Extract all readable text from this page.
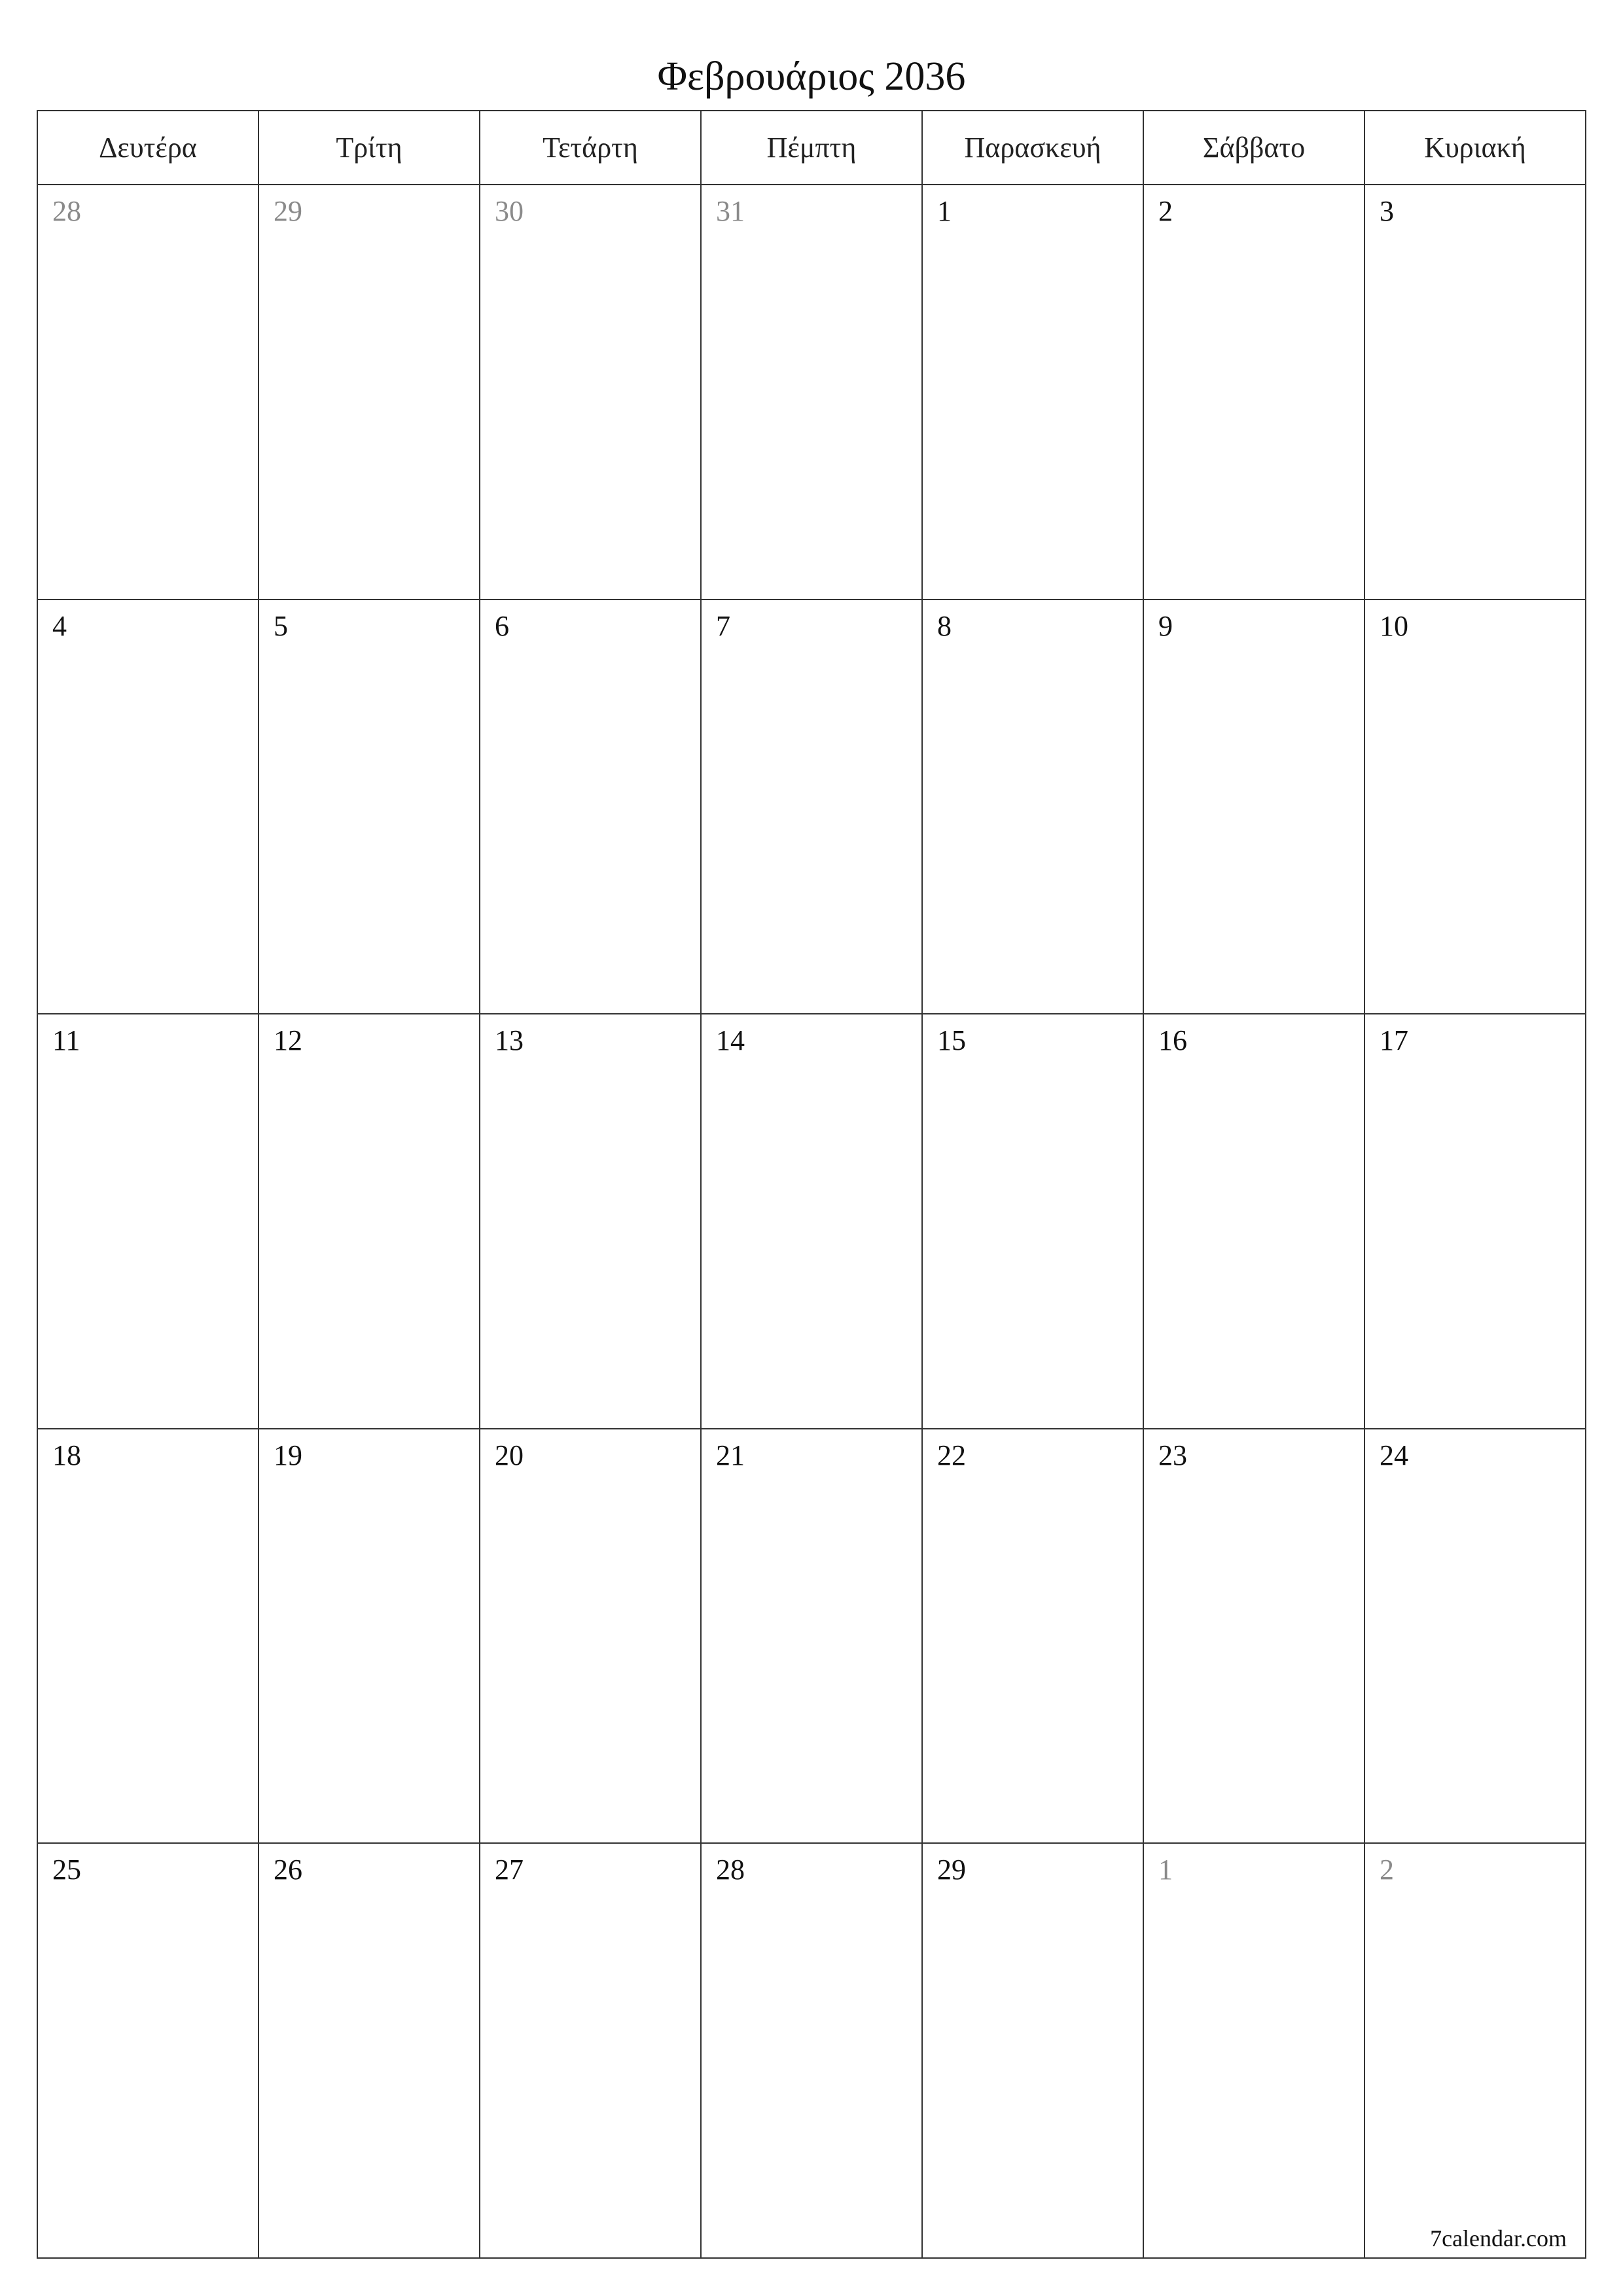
Φεβρουάριος 2036
Δευτέρα	Τρίτη	Τετάρτη	Πέμπτη	Παρασκευή	Σάββατο	Κυριακή
28	29	30	31	1	2	3
4	5	6	7	8	9	10
11	12	13	14	15	16	17
18	19	20	21	22	23	24
25	26	27	28	29	1	2
7calendar.com
